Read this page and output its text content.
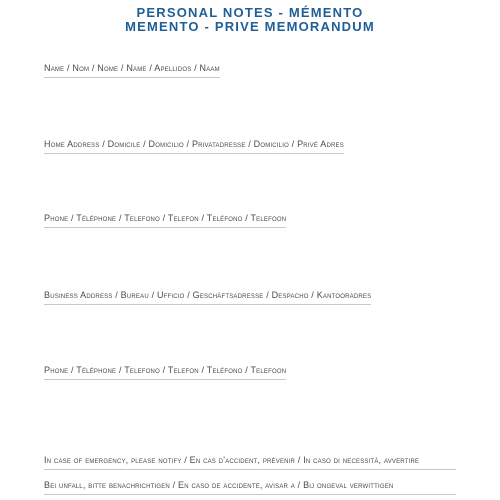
PERSONAL NOTES - MÉMENTO
MEMENTO - PRIVE MEMORANDUM
Name / Nom / Nome / Name / Apellidos / Naam
Home Address / Domicile / Domicilio / Privatadresse / Domicilio / Privé Adres
Phone / Téléphone / Telefono / Telefon / Teléfono / Telefoon
Business Address / Bureau / Ufficio / Geschäftsadresse / Despacho / Kantooradres
Phone / Téléphone / Telefono / Telefon / Teléfono / Telefoon
In case of emergency, please notify / En cas d'accident, prévenir / In caso di necessità, avvertire
Bei unfall, bitte benachrichtigen / En caso de accidente, avisar a / Bij ongeval verwittigen
